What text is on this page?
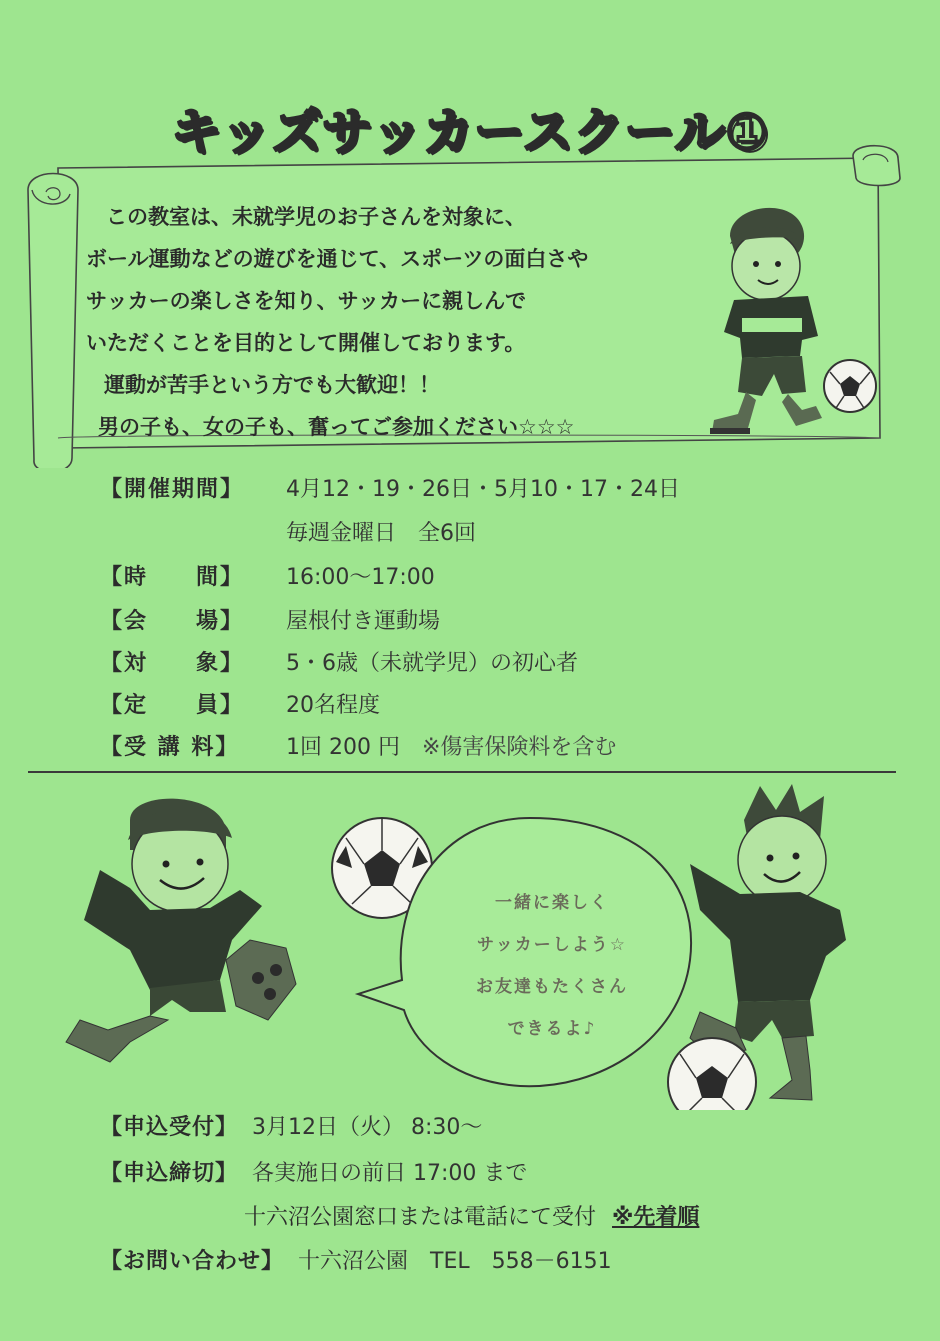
キッズサッカースクール①
この教室は、未就学児のお子さんを対象に、
ボール運動などの遊びを通じて、スポーツの面白さや
サッカーの楽しさを知り、サッカーに親しんで
いただくことを目的として開催しております。
運動が苦手という方でも大歓迎！！
男の子も、女の子も、奮ってご参加ください☆☆☆
【開催期間】 4月12・19・26日・5月10・17・24日
毎週金曜日　全6回
【時　　間】 16:00～17:00
【会　　場】 屋根付き運動場
【対　　象】 5・6歳（未就学児）の初心者
【定　　員】 20名程度
【受 講 料】	1回 200 円 ※傷害保険料を含む
一緒に楽しく
サッカーしよう☆
お友達もたくさん
できるよ♪
【申込受付】 3月12日（火） 8:30～
【申込締切】 各実施日の前日 17:00 まで
十六沼公園窓口または電話にて受付 ※先着順
【お問い合わせ】 十六沼公園　TEL　558－6151
